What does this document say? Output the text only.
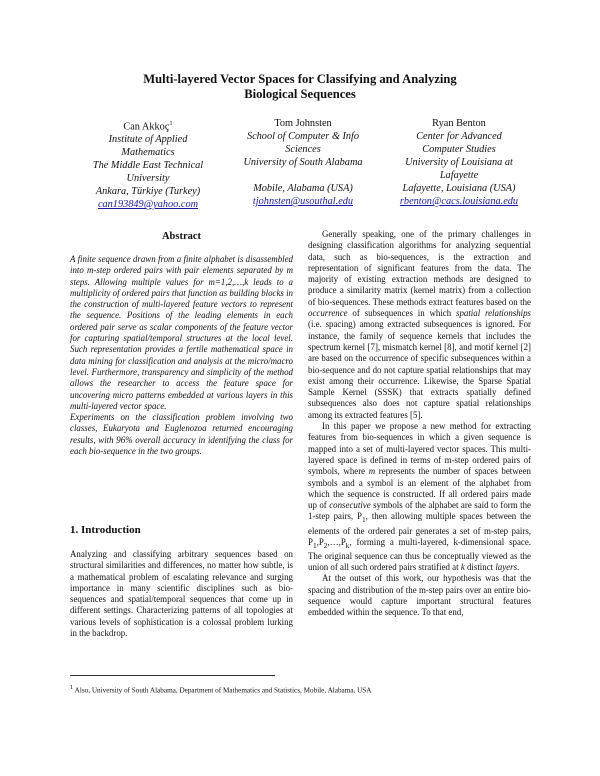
Multi-layered Vector Spaces for Classifying and Analyzing
Biological Sequences
Can Akkoç$^1$
Institute of Applied
Mathematics
The Middle East Technical
University
Ankara, Türkiye (Turkey)
can193849@yahoo.com
Tom Johnsten
School of Computer & Info
Sciences
University of South Alabama
Mobile, Alabama (USA)
tjohnsten@usouthal.edu
Ryan Benton
Center for Advanced
Computer Studies
University of Louisiana at
Lafayette
Lafayette, Louisiana (USA)
rbenton@cacs.louisiana.edu
Abstract

A finite sequence drawn from a finite alphabet is disassembled into m-step ordered pairs with pair elements separated by m steps. Allowing multiple values for m=1,2,…,k leads to a multiplicity of ordered pairs that function as building blocks in the construction of multi-layered feature vectors to represent the sequence. Positions of the leading elements in each ordered pair serve as scalar components of the feature vector for capturing spatial/temporal structures at the local level. Such representation provides a fertile mathematical space in data mining for classification and analysis at the micro/macro level. Furthermore, transparency and simplicity of the method allows the researcher to access the feature space for uncovering micro patterns embedded at various layers in this multi-layered vector space.

Experiments on the classification problem involving two classes, Eukaryota and Euglenozoa returned encouraging results, with 96% overall accuracy in identifying the class for each bio-sequence in the two groups.

1. Introduction

Analyzing and classifying arbitrary sequences based on structural similarities and differences, no matter how subtle, is a mathematical problem of escalating relevance and surging importance in many scientific disciplines such as bio-sequences and spatial/temporal sequences that come up in different settings. Characterizing patterns of all topologies at various levels of sophistication is a colossal problem lurking in the backdrop.

Generally speaking, one of the primary challenges in designing classification algorithms for analyzing sequential data, such as bio-sequences, is the extraction and representation of significant features from the data. The majority of existing extraction methods are designed to produce a similarity matrix (kernel matrix) from a collection of bio-sequences. These methods extract features based on the occurrence of subsequences in which spatial relationships (i.e. spacing) among extracted subsequences is ignored. For instance, the family of sequence kernels that includes the spectrum kernel [7], mismatch kernel [8], and motif kernel [2] are based on the occurrence of specific subsequences within a bio-sequence and do not capture spatial relationships that may exist among their occurrence. Likewise, the Sparse Spatial Sample Kernel (SSSK) that extracts spatially defined subsequences also does not capture spatial relationships among its extracted features [5].

In this paper we propose a new method for extracting features from bio-sequences in which a given sequence is mapped into a set of multi-layered vector spaces. This multi-layered space is defined in terms of m-step ordered pairs of symbols, where m represents the number of spaces between symbols and a symbol is an element of the alphabet from which the sequence is constructed. If all ordered pairs made up of consecutive symbols of the alphabet are said to form the 1-step pairs, $P_1$, then allowing multiple spaces between the elements of the ordered pair generates a set of m-step pairs, $P_1,P_2,\dots,P_k$, forming a multi-layered, k-dimensional space. The original sequence can thus be conceptually viewed as the union of all such ordered pairs stratified at k distinct layers.

At the outset of this work, our hypothesis was that the spacing and distribution of the m-step pairs over an entire bio-sequence would capture important structural features embedded within the sequence. To that end,

$^1$ Also, University of South Alabama, Department of Mathematics and Statistics, Mobile, Alabama, USA
